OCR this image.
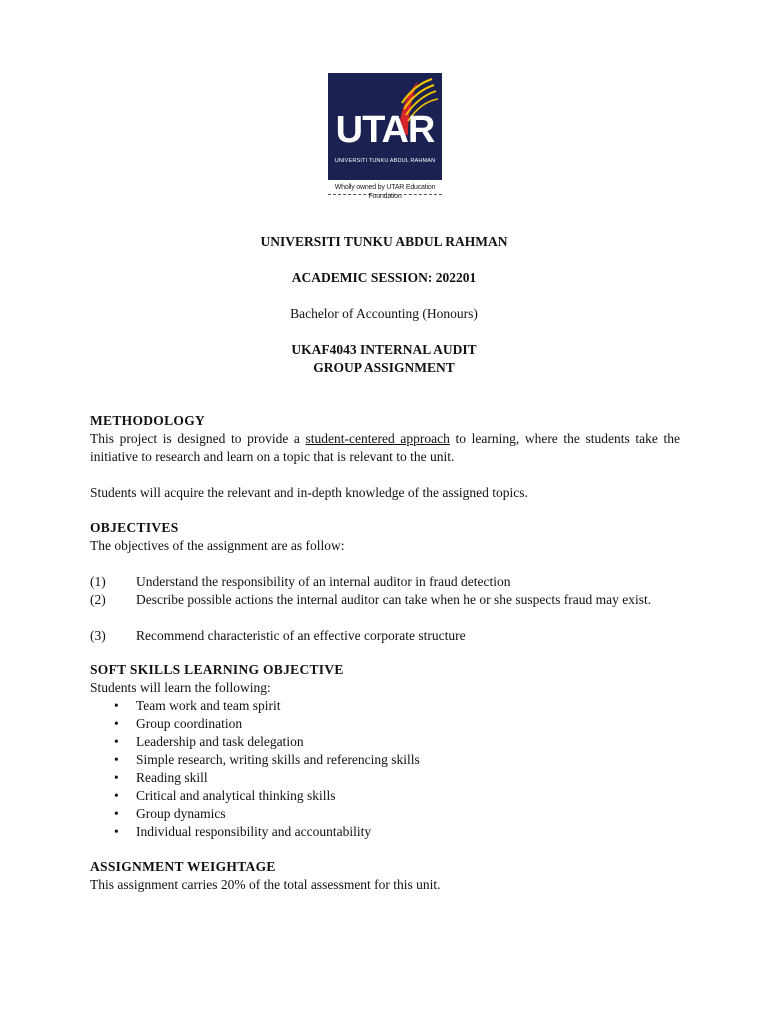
UTAR
UNIVERSITI TUNKU ABDUL RAHMAN
Wholly owned by UTAR Education Foundation
UNIVERSITI TUNKU ABDUL RAHMAN
ACADEMIC SESSION: 202201
Bachelor of Accounting (Honours)
UKAF4043 INTERNAL AUDIT
GROUP ASSIGNMENT
METHODOLOGY
This project is designed to provide a student-centered approach to learning, where the students take the initiative to research and learn on a topic that is relevant to the unit.
Students will acquire the relevant and in-depth knowledge of the assigned topics.
OBJECTIVES
The objectives of the assignment are as follow:
(1) Understand the responsibility of an internal auditor in fraud detection
(2) Describe possible actions the internal auditor can take when he or she suspects fraud may exist.
(3) Recommend characteristic of an effective corporate structure
SOFT SKILLS LEARNING OBJECTIVE
Students will learn the following:
• Team work and team spirit
• Group coordination
• Leadership and task delegation
• Simple research, writing skills and referencing skills
• Reading skill
• Critical and analytical thinking skills
• Group dynamics
• Individual responsibility and accountability
ASSIGNMENT WEIGHTAGE
This assignment carries 20% of the total assessment for this unit.
